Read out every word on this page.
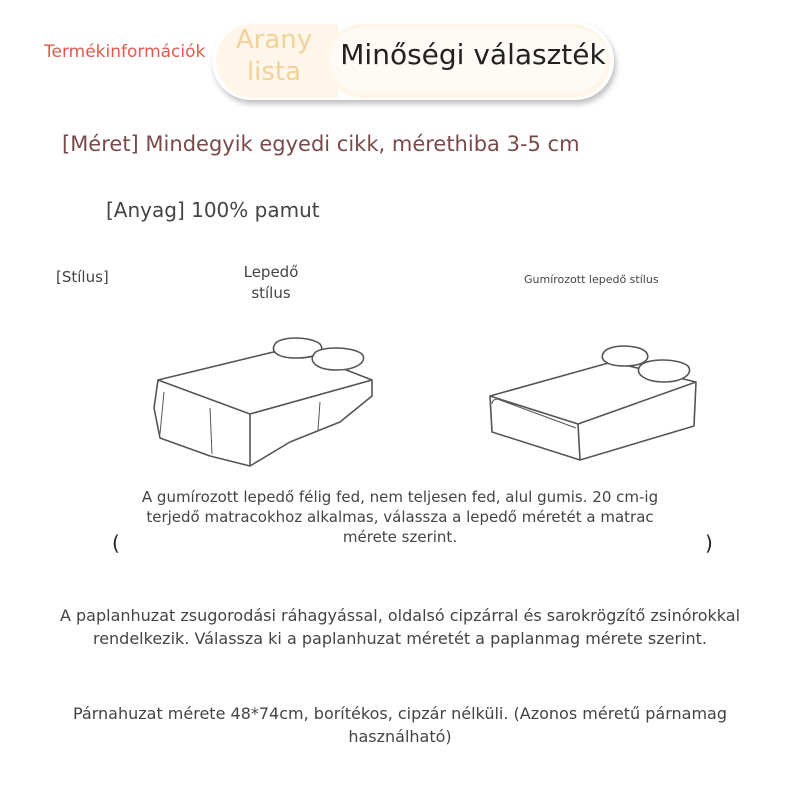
Termékinformációk	Arany lista
Minőségi választék
[Méret] Mindegyik egyedi cikk, mérethiba 3-5 cm
[Anyag] 100% pamut
[Stílus]	Lepedő stílus
Gumírozott lepedő stílus
A gumírozott lepedő félig fed, nem teljesen fed, alul gumis. 20 cm-ig
terjedő matracokhoz alkalmas, válassza a lepedő méretét a matrac
mérete szerint.
(	)
A paplanhuzat zsugorodási ráhagyással, oldalsó cipzárral és sarokrögzítő zsinórokkal rendelkezik. Válassza ki a paplanhuzat méretét a paplanmag mérete szerint.
Párnahuzat mérete 48*74cm, borítékos, cipzár nélküli. (Azonos méretű párnamag használható)
